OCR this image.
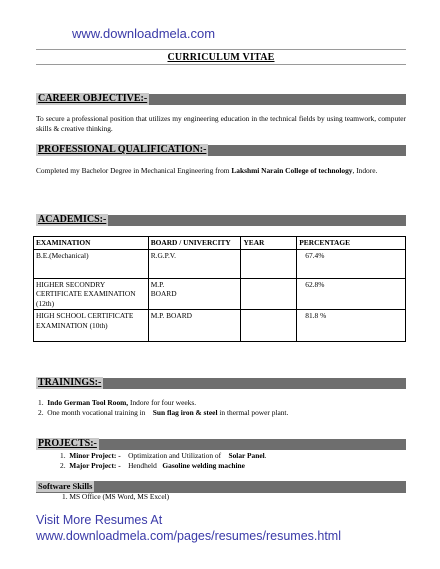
www.downloadmela.com
CURRICULUM VITAE
CAREER OBJECTIVE:-
To secure a professional position that utilizes my engineering education in the technical fields by using teamwork, computer skills & creative thinking.
PROFESSIONAL QUALIFICATION:-
Completed my Bachelor Degree in Mechanical Engineering from Lakshmi Narain College of technology, Indore.
ACADEMICS:-
EXAMINATION	BOARD / UNIVERCITY	YEAR	PERCENTAGE
B.E.(Mechanical)	R.G.P.V.		67.4%
HIGHER SECONDRY CERTIFICATE EXAMINATION (12th)	M.P. BOARD		62.8%
HIGH SCHOOL CERTIFICATE EXAMINATION (10th)	M.P. BOARD		81.8 %
TRAININGS:-
1.  Indo German Tool Room, Indore for four weeks.
2.  One month vocational training in    Sun flag iron & steel in thermal power plant.
PROJECTS:-
1.  Minor Project: - Optimization and Utilization of    Solar Panel.
2.  Major Project: - Hendheld   Gasoline welding machine
Software Skills
1. MS Office (MS Word, MS Excel)
Visit More Resumes At
www.downloadmela.com/pages/resumes/resumes.html
